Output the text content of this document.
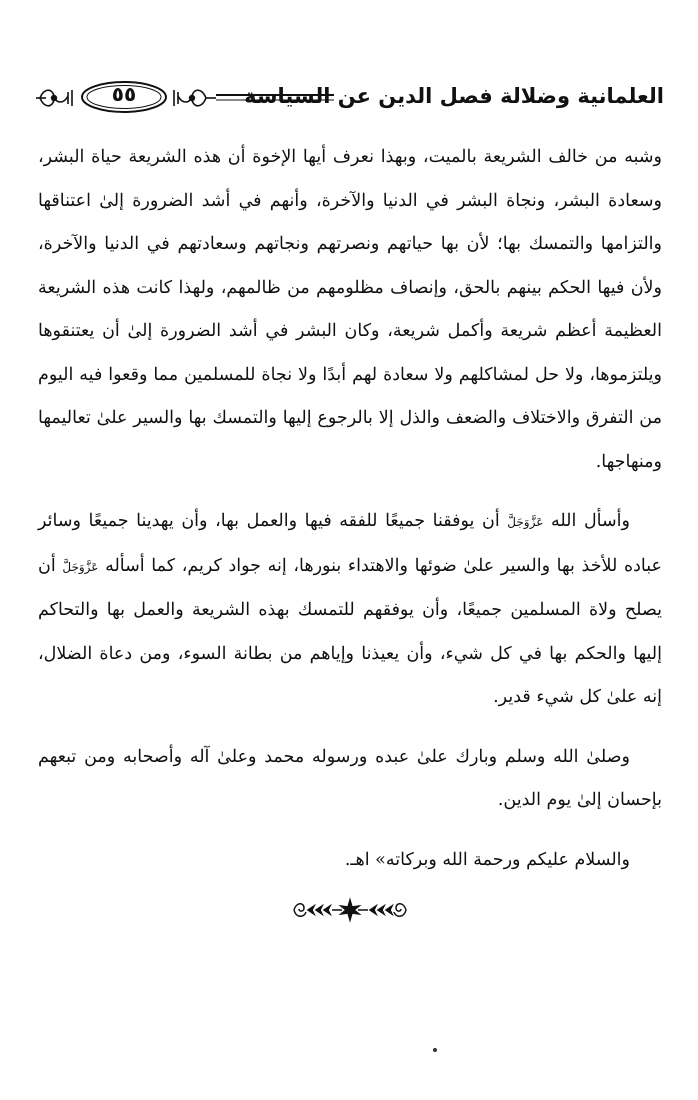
العلمانية وضلالة فصل الدين عن السياسة
٥٥

وشبه من خالف الشريعة بالميت، وبهذا نعرف أيها الإخوة أن هذه الشريعة حياة البشر، وسعادة البشر، ونجاة البشر في الدنيا والآخرة، وأنهم في أشد الضرورة إلىٰ اعتناقها والتزامها والتمسك بها؛ لأن بها حياتهم ونصرتهم ونجاتهم وسعادتهم في الدنيا والآخرة، ولأن فيها الحكم بينهم بالحق، وإنصاف مظلومهم من ظالمهم، ولهذا كانت هذه الشريعة العظيمة أعظم شريعة وأكمل شريعة، وكان البشر في أشد الضرورة إلىٰ أن يعتنقوها ويلتزموها، ولا حل لمشاكلهم ولا سعادة لهم أبدًا ولا نجاة للمسلمين مما وقعوا فيه اليوم من التفرق والاختلاف والضعف والذل إلا بالرجوع إليها والتمسك بها والسير علىٰ تعاليمها ومنهاجها.

وأسأل الله عَزَّوَجَلَّ أن يوفقنا جميعًا للفقه فيها والعمل بها، وأن يهدينا جميعًا وسائر عباده للأخذ بها والسير علىٰ ضوئها والاهتداء بنورها، إنه جواد كريم، كما أسأله عَزَّوَجَلَّ أن يصلح ولاة المسلمين جميعًا، وأن يوفقهم للتمسك بهذه الشريعة والعمل بها والتحاكم إليها والحكم بها في كل شيء، وأن يعيذنا وإياهم من بطانة السوء، ومن دعاة الضلال، إنه علىٰ كل شيء قدير.

وصلىٰ الله وسلم وبارك علىٰ عبده ورسوله محمد وعلىٰ آله وأصحابه ومن تبعهم بإحسان إلىٰ يوم الدين.

والسلام عليكم ورحمة الله وبركاته» اهـ.
